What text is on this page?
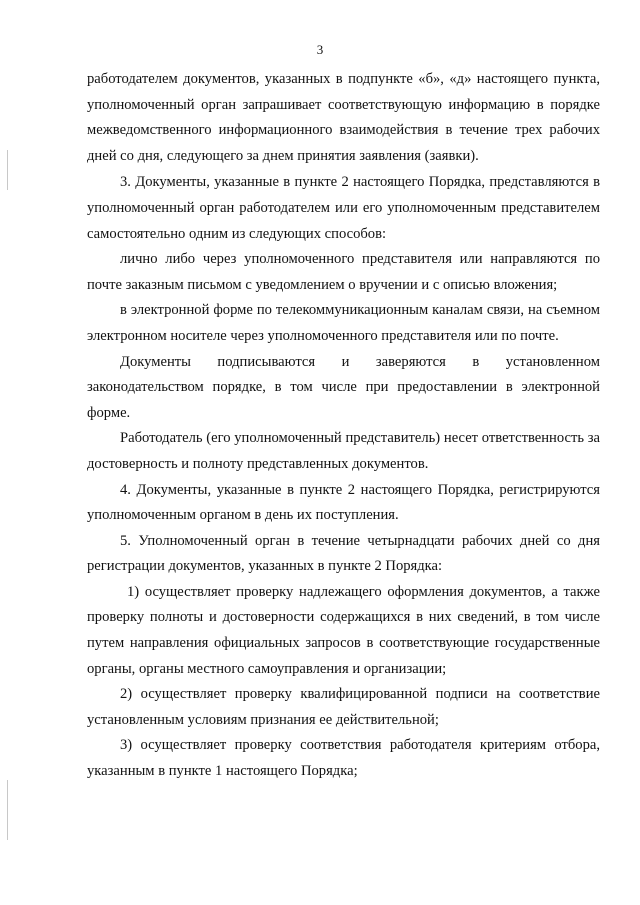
3

работодателем документов, указанных в подпункте «б», «д» настоящего пункта, уполномоченный орган запрашивает соответствующую информацию в порядке межведомственного информационного взаимодействия в течение трех рабочих дней со дня, следующего за днем принятия заявления (заявки).

3. Документы, указанные в пункте 2 настоящего Порядка, представляются в уполномоченный орган работодателем или его уполномоченным представителем самостоятельно одним из следующих способов:

лично либо через уполномоченного представителя или направляются по почте заказным письмом с уведомлением о вручении и с описью вложения;

в электронной форме по телекоммуникационным каналам связи, на съемном электронном носителе через уполномоченного представителя или по почте.

Документы подписываются и заверяются в установленном законодательством порядке, в том числе при предоставлении в электронной форме.

Работодатель (его уполномоченный представитель) несет ответственность за достоверность и полноту представленных документов.

4. Документы, указанные в пункте 2 настоящего Порядка, регистрируются уполномоченным органом в день их поступления.

5. Уполномоченный орган в течение четырнадцати рабочих дней со дня регистрации документов, указанных в пункте 2 Порядка:

1) осуществляет проверку надлежащего оформления документов, а также проверку полноты и достоверности содержащихся в них сведений, в том числе путем направления официальных запросов в соответствующие государственные органы, органы местного самоуправления и организации;

2) осуществляет проверку квалифицированной подписи на соответствие установленным условиям признания ее действительной;

3) осуществляет проверку соответствия работодателя критериям отбора, указанным в пункте 1 настоящего Порядка;
